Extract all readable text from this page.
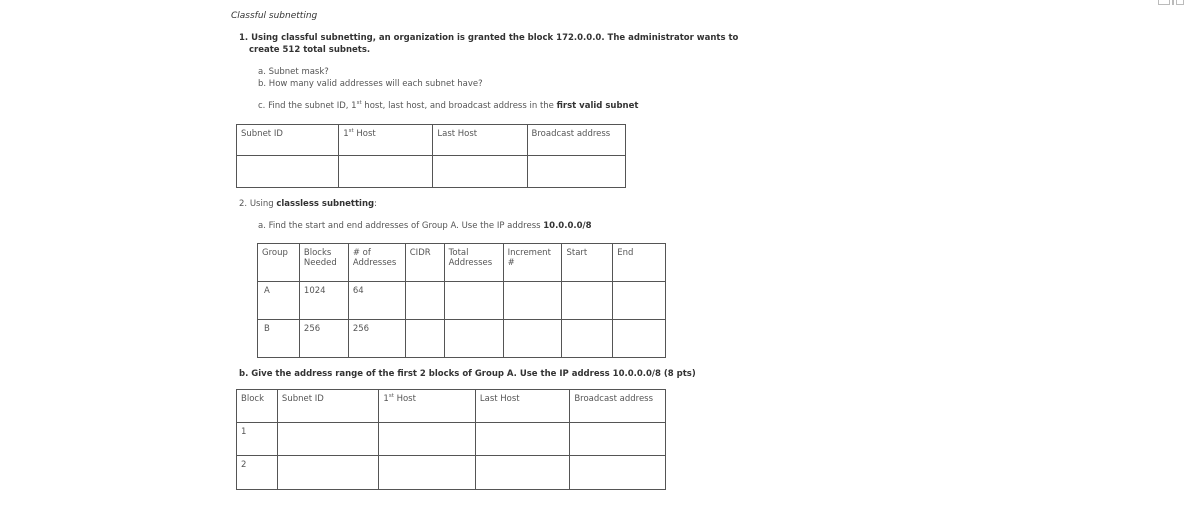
Classful subnetting
1. Using classful subnetting, an organization is granted the block 172.0.0.0. The administrator wants to
create 512 total subnets.
a. Subnet mask?
b. How many valid addresses will each subnet have?
c. Find the subnet ID, 1st host, last host, and broadcast address in the first valid subnet
Subnet ID	1st Host	Last Host	Broadcast address

2. Using classless subnetting:
a. Find the start and end addresses of Group A. Use the IP address 10.0.0.0/8
Group	Blocks Needed	# of Addresses	CIDR	Total Addresses	Increment #	Start	End
A	1024	64					
B	256	256					
b. Give the address range of the first 2 blocks of Group A. Use the IP address 10.0.0.0/8 (8 pts)
Block	Subnet ID	1st Host	Last Host	Broadcast address
1				
2				
